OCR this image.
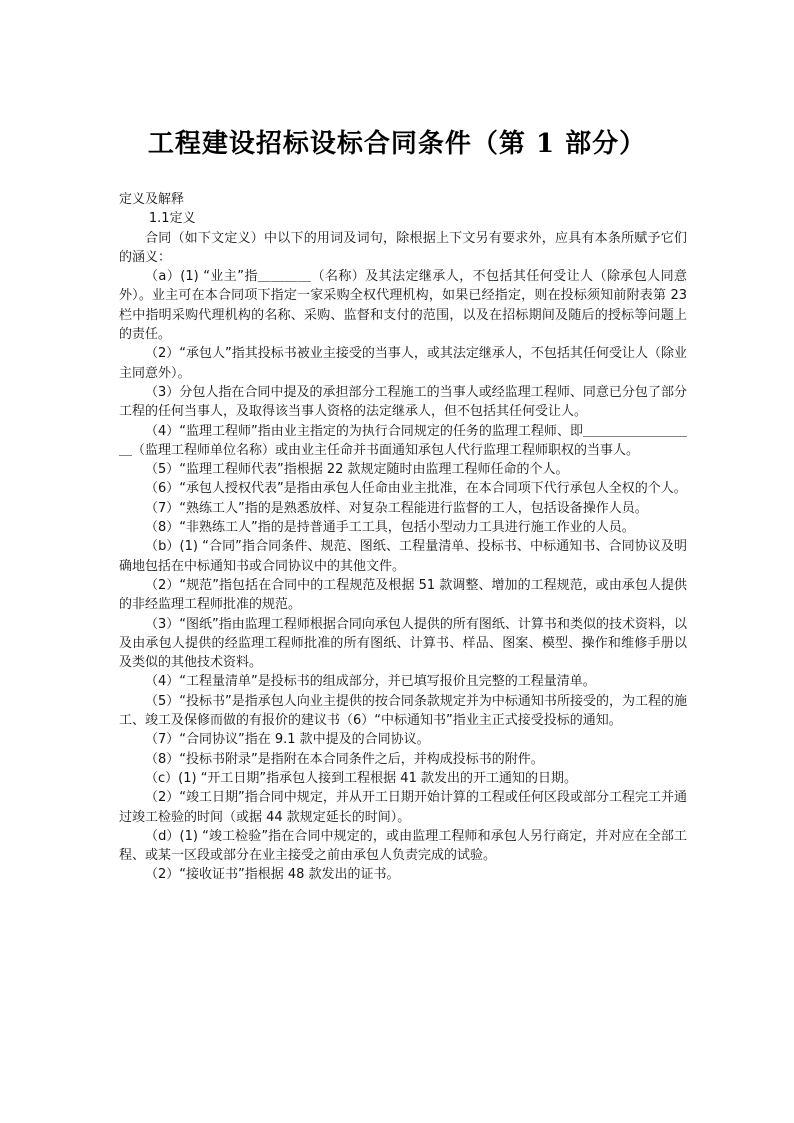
工程建设招标设标合同条件（第 1 部分）

定义及解释

1.1定义

合同（如下文定义）中以下的用词及词句，除根据上下文另有要求外，应具有本条所赋予它们的涵义：

（a）(1) “业主”指＿＿＿＿（名称）及其法定继承人，不包括其任何受让人（除承包人同意外）。业主可在本合同项下指定一家采购全权代理机构，如果已经指定，则在投标须知前附表第 23栏中指明采购代理机构的名称、采购、监督和支付的范围，以及在招标期间及随后的授标等问题上的责任。

（2）“承包人”指其投标书被业主接受的当事人，或其法定继承人，不包括其任何受让人（除业主同意外）。

（3）分包人指在合同中提及的承担部分工程施工的当事人或经监理工程师、同意已分包了部分工程的任何当事人，及取得该当事人资格的法定继承人，但不包括其任何受让人。

（4）“监理工程师”指由业主指定的为执行合同规定的任务的监理工程师、即＿＿＿＿＿＿＿＿＿（监理工程师单位名称）或由业主任命并书面通知承包人代行监理工程师职权的当事人。

（5）“监理工程师代表”指根据 22 款规定随时由监理工程师任命的个人。

（6）“承包人授权代表”是指由承包人任命由业主批准，在本合同项下代行承包人全权的个人。

（7）“熟练工人”指的是熟悉放样、对复杂工程能进行监督的工人，包括设备操作人员。

（8）“非熟练工人”指的是持普通手工工具，包括小型动力工具进行施工作业的人员。

（b）(1) “合同”指合同条件、规范、图纸、工程量清单、投标书、中标通知书、合同协议及明确地包括在中标通知书或合同协议中的其他文件。

（2）“规范”指包括在合同中的工程规范及根据 51 款调整、增加的工程规范，或由承包人提供的非经监理工程师批准的规范。

（3）“图纸”指由监理工程师根据合同向承包人提供的所有图纸、计算书和类似的技术资料，以及由承包人提供的经监理工程师批准的所有图纸、计算书、样品、图案、模型、操作和维修手册以及类似的其他技术资料。

（4）“工程量清单”是投标书的组成部分，并已填写报价且完整的工程量清单。

（5）“投标书”是指承包人向业主提供的按合同条款规定并为中标通知书所接受的，为工程的施工、竣工及保修而做的有报价的建议书（6）“中标通知书”指业主正式接受投标的通知。

（7）“合同协议”指在 9.1 款中提及的合同协议。

（8）“投标书附录”是指附在本合同条件之后，并构成投标书的附件。

（c）(1) “开工日期”指承包人接到工程根据 41 款发出的开工通知的日期。

（2）“竣工日期”指合同中规定，并从开工日期开始计算的工程或任何区段或部分工程完工并通过竣工检验的时间（或据 44 款规定延长的时间）。

（d）(1) “竣工检验”指在合同中规定的，或由监理工程师和承包人另行商定，并对应在全部工程、或某一区段或部分在业主接受之前由承包人负责完成的试验。

（2）“接收证书”指根据 48 款发出的证书。
